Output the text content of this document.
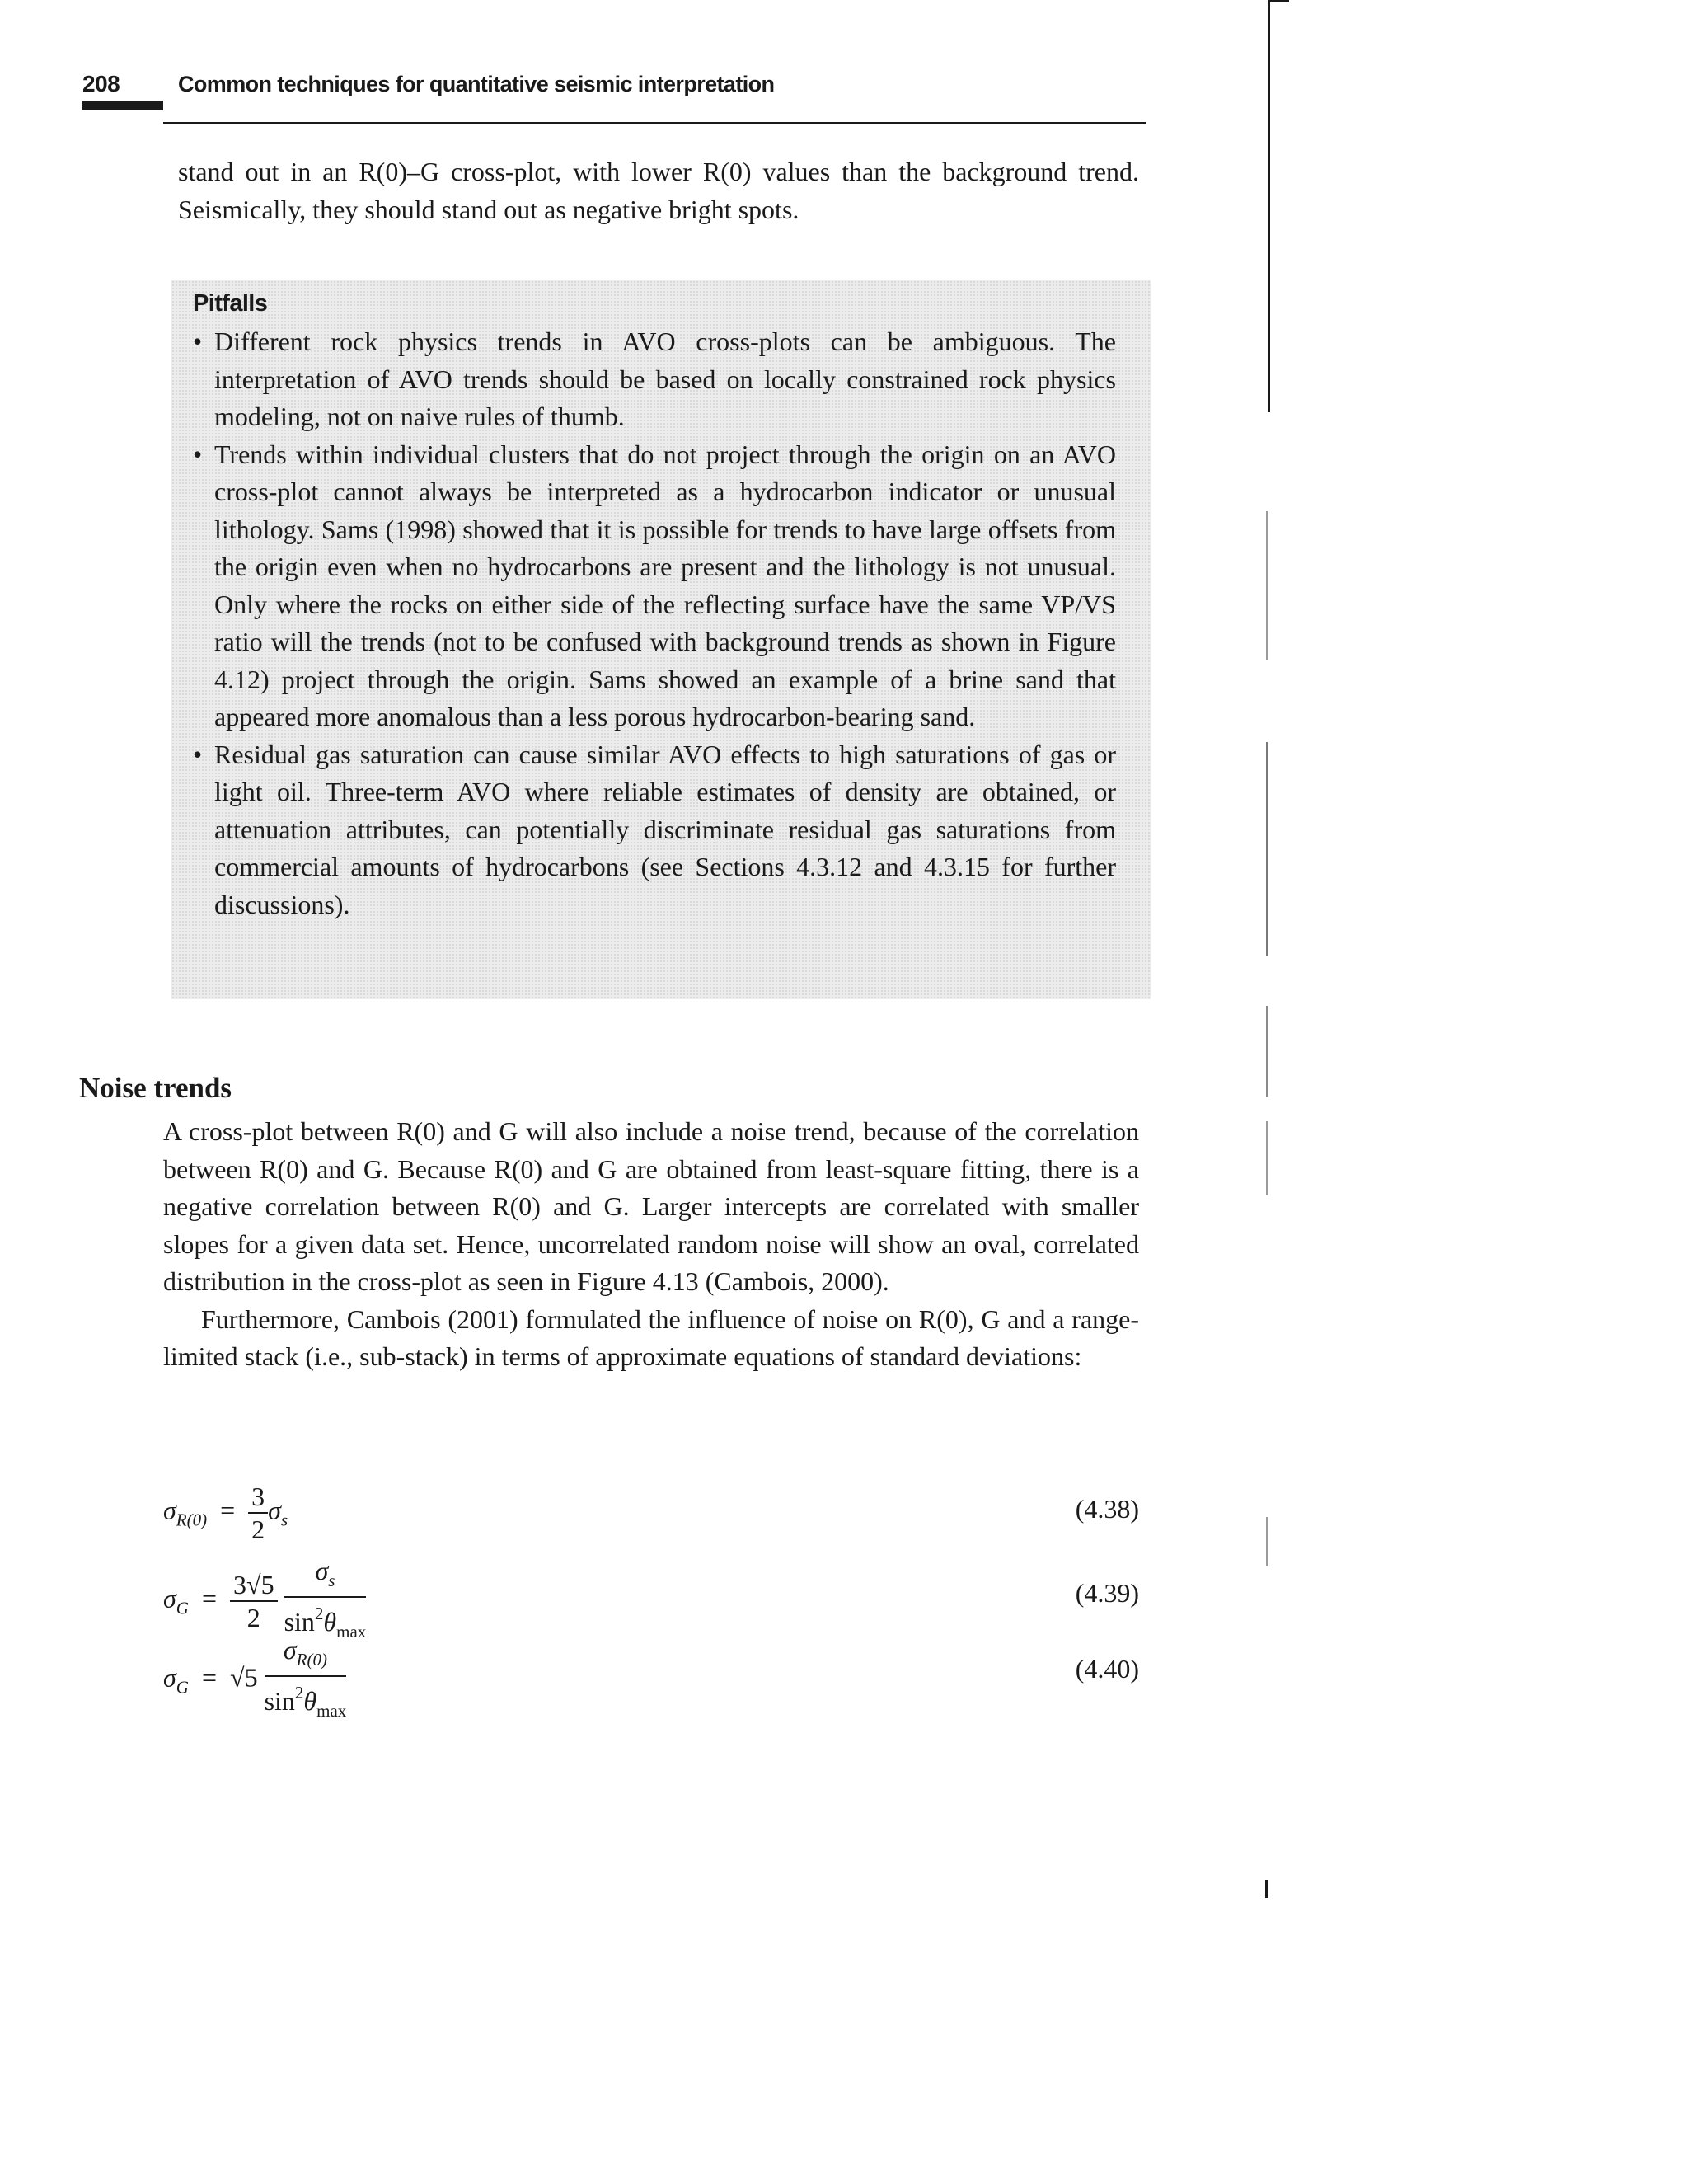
208	Common techniques for quantitative seismic interpretation

stand out in an R(0)–G cross-plot, with lower R(0) values than the background trend. Seismically, they should stand out as negative bright spots.

Pitfalls
• Different rock physics trends in AVO cross-plots can be ambiguous. The interpretation of AVO trends should be based on locally constrained rock physics modeling, not on naive rules of thumb.
• Trends within individual clusters that do not project through the origin on an AVO cross-plot cannot always be interpreted as a hydrocarbon indicator or unusual lithology. Sams (1998) showed that it is possible for trends to have large offsets from the origin even when no hydrocarbons are present and the lithology is not unusual. Only where the rocks on either side of the reflecting surface have the same VP/VS ratio will the trends (not to be confused with background trends as shown in Figure 4.12) project through the origin. Sams showed an example of a brine sand that appeared more anomalous than a less porous hydrocarbon-bearing sand.
• Residual gas saturation can cause similar AVO effects to high saturations of gas or light oil. Three-term AVO where reliable estimates of density are obtained, or attenuation attributes, can potentially discriminate residual gas saturations from commercial amounts of hydrocarbons (see Sections 4.3.12 and 4.3.15 for further discussions).
Noise trends

A cross-plot between R(0) and G will also include a noise trend, because of the correlation between R(0) and G. Because R(0) and G are obtained from least-square fitting, there is a negative correlation between R(0) and G. Larger intercepts are correlated with smaller slopes for a given data set. Hence, uncorrelated random noise will show an oval, correlated distribution in the cross-plot as seen in Figure 4.13 (Cambois, 2000).

Furthermore, Cambois (2001) formulated the influence of noise on R(0), G and a range-limited stack (i.e., sub-stack) in terms of approximate equations of standard deviations:

$\sigma_{R(0)} = \frac{3}{2} \sigma_s$	(4.38)
$\sigma_G = \frac{3√5}{2}$
$\frac{\sigma_s}{\sin^2\theta_{max}}$	(4.39)
$\sigma_G = √5 \frac{\sigma_{R(0)}}{\sin^2\theta_{max}}$	(4.40)
